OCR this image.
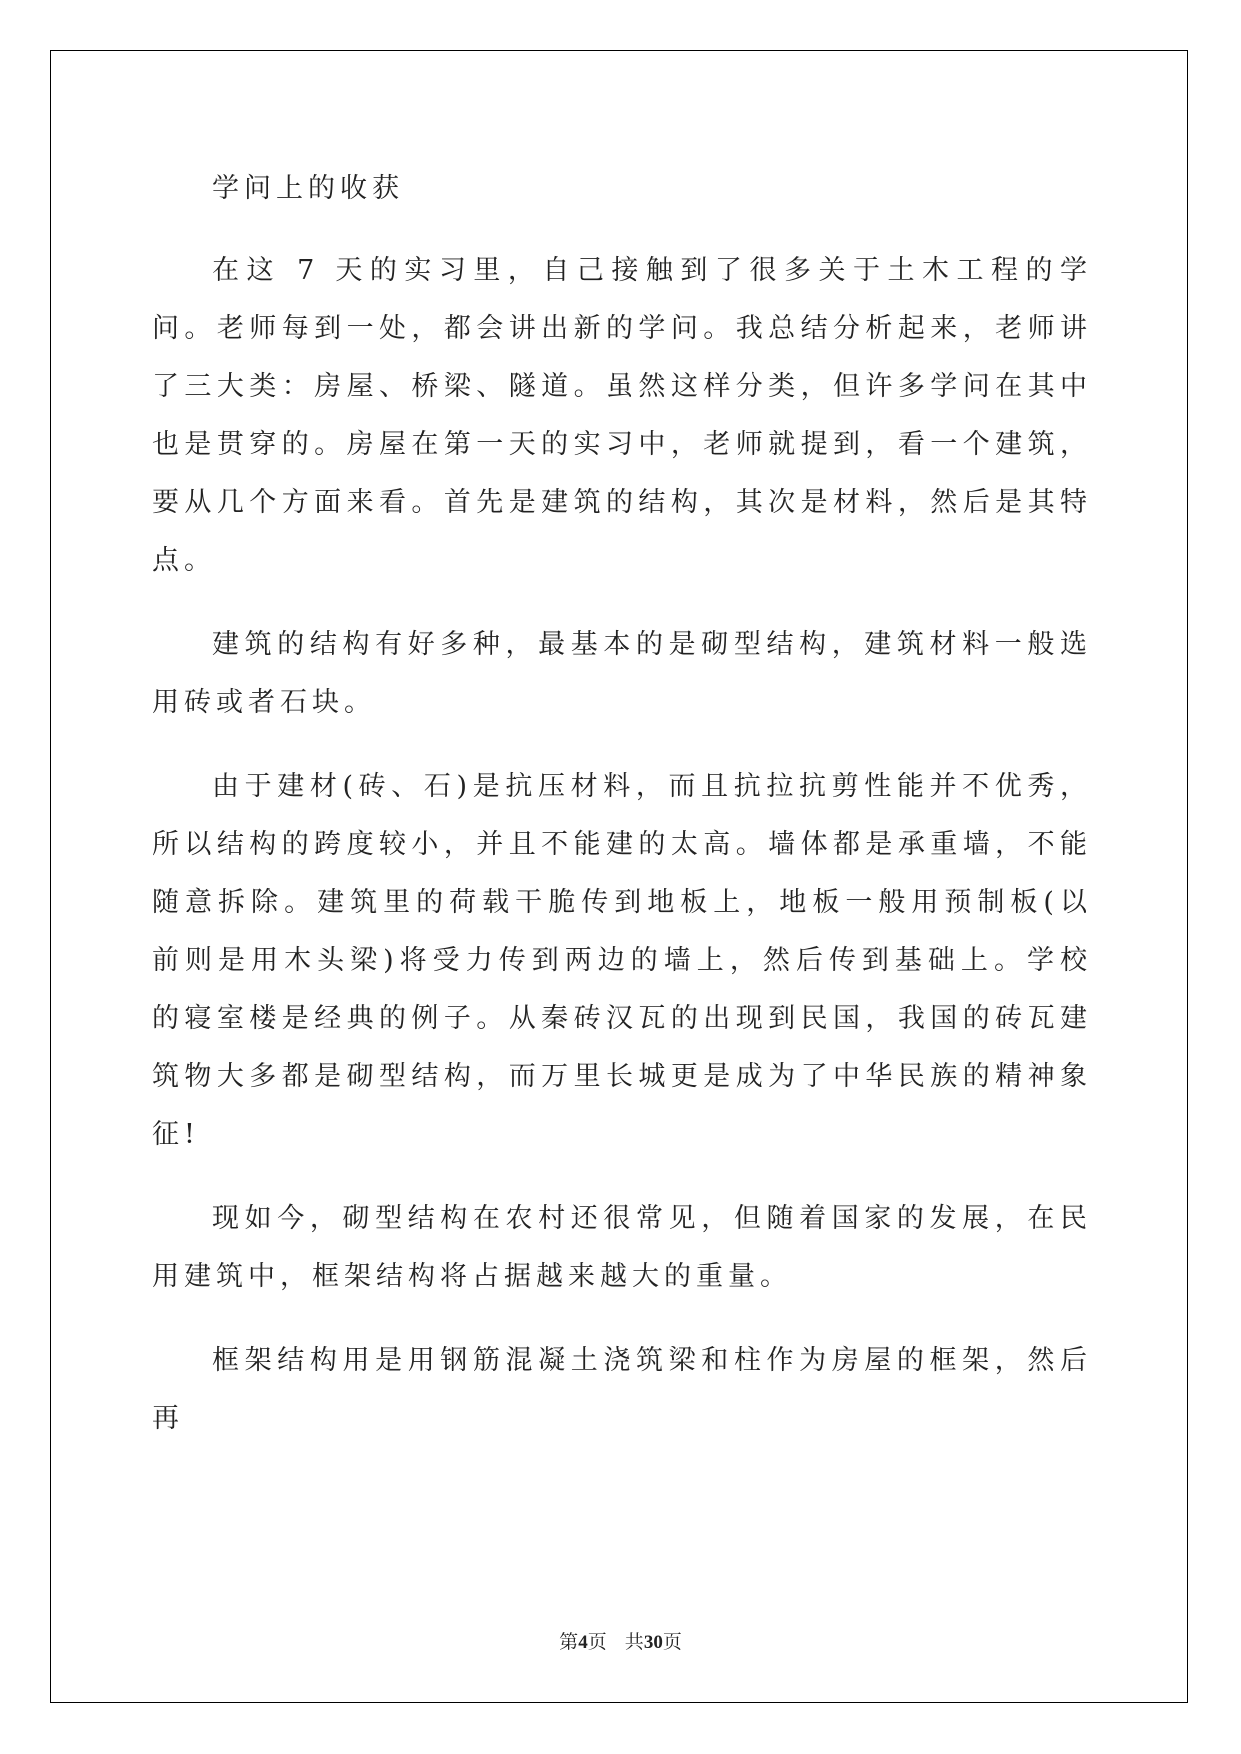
学问上的收获

在这 7 天的实习里，自己接触到了很多关于土木工程的学问。老师每到一处，都会讲出新的学问。我总结分析起来，老师讲了三大类：房屋、桥梁、隧道。虽然这样分类，但许多学问在其中也是贯穿的。房屋在第一天的实习中，老师就提到，看一个建筑，要从几个方面来看。首先是建筑的结构，其次是材料，然后是其特点。

建筑的结构有好多种，最基本的是砌型结构，建筑材料一般选用砖或者石块。

由于建材(砖、石)是抗压材料，而且抗拉抗剪性能并不优秀，所以结构的跨度较小，并且不能建的太高。墙体都是承重墙，不能随意拆除。建筑里的荷载干脆传到地板上，地板一般用预制板(以前则是用木头梁)将受力传到两边的墙上，然后传到基础上。学校的寝室楼是经典的例子。从秦砖汉瓦的出现到民国，我国的砖瓦建筑物大多都是砌型结构，而万里长城更是成为了中华民族的精神象征!

现如今，砌型结构在农村还很常见，但随着国家的发展，在民用建筑中，框架结构将占据越来越大的重量。

框架结构用是用钢筋混凝土浇筑梁和柱作为房屋的框架，然后再

第4页   共30页
